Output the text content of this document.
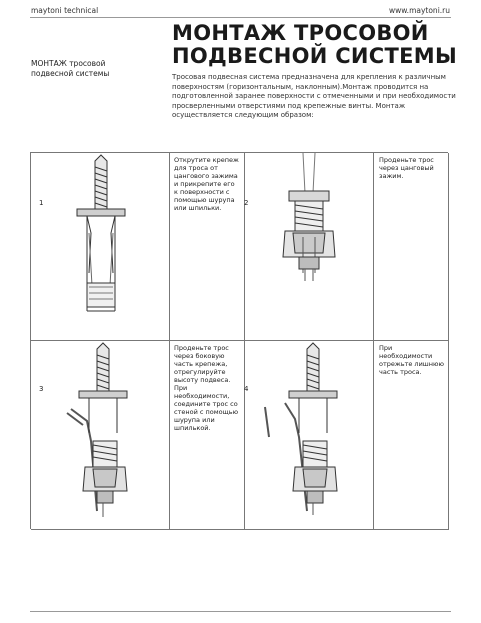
maytoni technical	www.maytoni.ru
МОНТАЖ тросовой подвесной системы
МОНТАЖ ТРОСОВОЙ
ПОДВЕСНОЙ СИСТЕМЫ
Тросовая подвесная система предназначена для крепления к различным поверхностям (горизонтальным, наклонным).Монтаж проводится на подготовленной заранее поверхности с отмеченными и при необходимости просверленными отверстиями под крепежные винты. Монтаж осуществляется следующим образом:
1
Открутите крепеж для троса от цангового зажима и прикрепите его к поверхности с помощью шурупа или шпильки.
2
Проденьте трос через цанговый зажим.
3
Проденьте трос через боковую часть крепежа, отрегулируйте высоту подвеса. При необходимости, соедините трос со стеной с помощью шурупа или шпилькой.
4
При необходимости отрежьте лишнюю часть троса.
